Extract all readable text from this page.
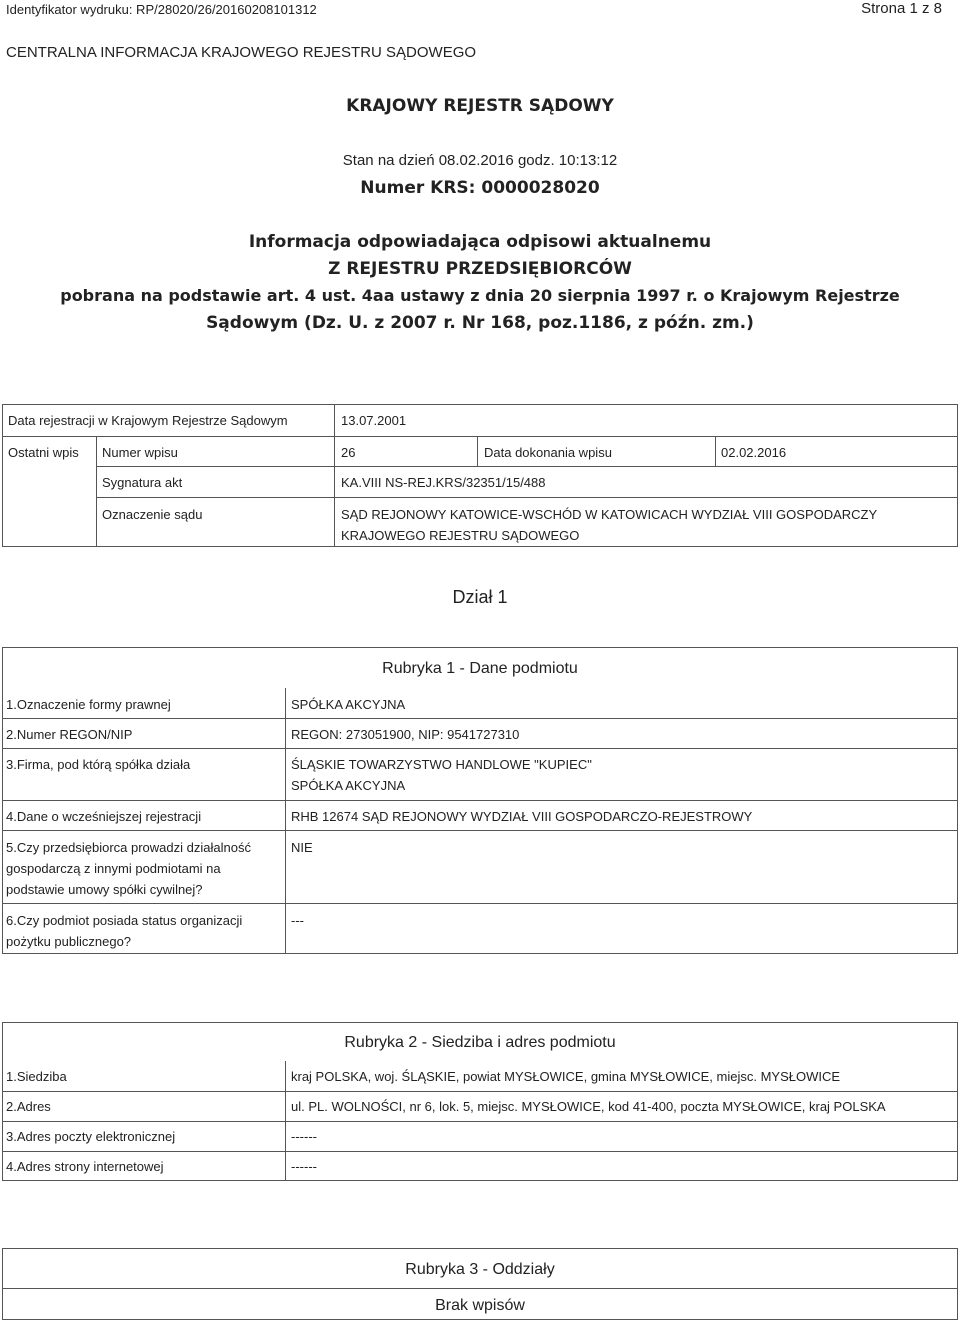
Identyfikator wydruku: RP/28020/26/20160208101312	Strona 1 z 8
CENTRALNA INFORMACJA KRAJOWEGO REJESTRU SĄDOWEGO
KRAJOWY REJESTR SĄDOWY
Stan na dzień 08.02.2016 godz. 10:13:12
Numer KRS: 0000028020
Informacja odpowiadająca odpisowi aktualnemu
Z REJESTRU PRZEDSIĘBIORCÓW
pobrana na podstawie art. 4 ust. 4aa ustawy z dnia 20 sierpnia 1997 r. o Krajowym Rejestrze
Sądowym (Dz. U. z 2007 r. Nr 168, poz.1186, z późn. zm.)
Data rejestracji w Krajowym Rejestrze Sądowym	13.07.2001
Ostatni wpis Numer wpisu	26	Data dokonania wpisu	02.02.2016
Sygnatura akt	KA.VIII NS-REJ.KRS/32351/15/488
Oznaczenie sądu	SĄD REJONOWY KATOWICE-WSCHÓD W KATOWICACH WYDZIAŁ VIII GOSPODARCZY KRAJOWEGO REJESTRU SĄDOWEGO
Dział 1
Rubryka 1 - Dane podmiotu
1.Oznaczenie formy prawnej	SPÓŁKA AKCYJNA
2.Numer REGON/NIP	REGON: 273051900, NIP: 9541727310
3.Firma, pod którą spółka działa	ŚLĄSKIE TOWARZYSTWO HANDLOWE "KUPIEC" SPÓŁKA AKCYJNA
4.Dane o wcześniejszej rejestracji	RHB 12674 SĄD REJONOWY WYDZIAŁ VIII GOSPODARCZO-REJESTROWY
5.Czy przedsiębiorca prowadzi działalność gospodarczą z innymi podmiotami na podstawie umowy spółki cywilnej?
NIE
6.Czy podmiot posiada status organizacji pożytku publicznego?
---
Rubryka 2 - Siedziba i adres podmiotu
1.Siedziba	kraj POLSKA, woj. ŚLĄSKIE, powiat MYSŁOWICE, gmina MYSŁOWICE, miejsc. MYSŁOWICE
2.Adres	ul. PL. WOLNOŚCI, nr 6, lok. 5, miejsc. MYSŁOWICE, kod 41-400, poczta MYSŁOWICE, kraj POLSKA
3.Adres poczty elektronicznej	------
4.Adres strony internetowej	------
Rubryka 3 - Oddziały
Brak wpisów
